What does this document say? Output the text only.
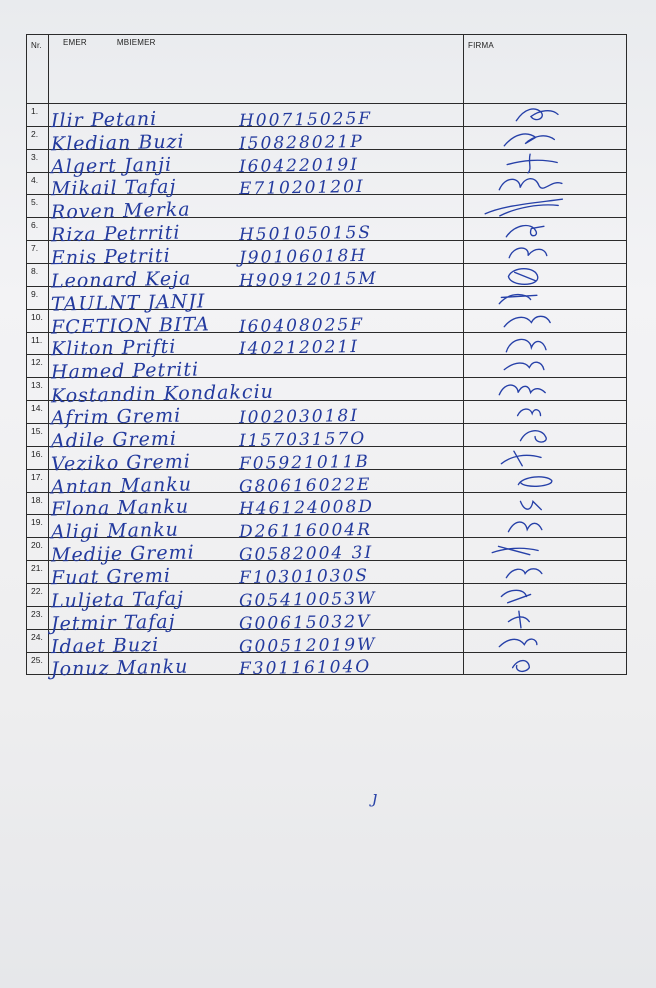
Nr.	EMER MBIEMER	FIRMA

1.	Ilir Petani H00715025F

2.	Kledian Buzi I50828021P

3.	Algert Janji I60422019I

4.	Mikail Tafaj E71020120I

5.	Roven Merka

6.	Riza Petrriti H50105015S

7.	Enis Petriti J90106018H

8.	Leonard Keja H90912015M

9.	TAULNT JANJI

10.	FCETION BITA I60408025F

11.	Kliton Prifti I40212021I

12.	Hamed Petriti

13.	Kostandin Kondakciu

14.	Afrim Gremi I00203018I

15.	Adile Gremi I15703157O

16.	Veziko Gremi F05921011B

17.	Antan Manku G80616022E

18.	Flona Manku H46124008D

19.	Aligi Manku D26116004R

20.	Medije Gremi G0582004 3I

21.	Fuat Gremi F10301030S

22.	Luljeta Tafaj G05410053W

23.	Jetmir Tafaj G00615032V

24.	Idaet Buzi G00512019W

25.	Jonuz Manku F30116104O

ȷ
